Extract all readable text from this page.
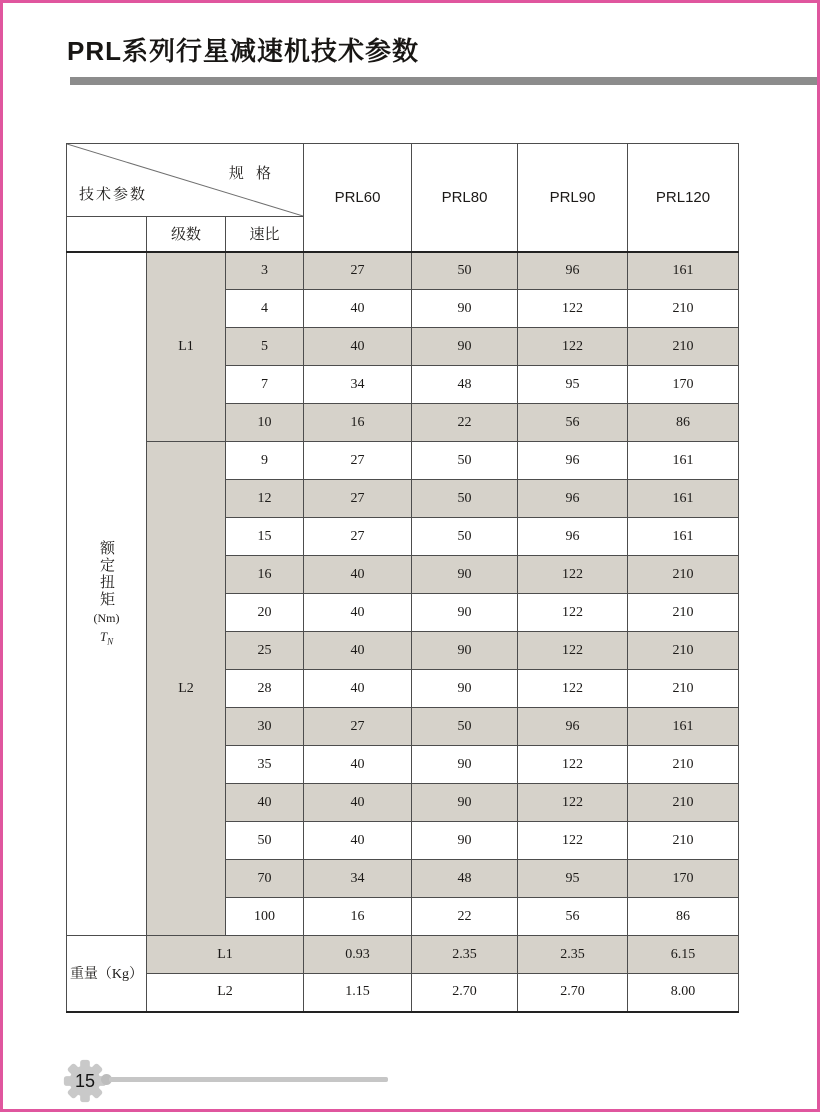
PRL系列行星减速机技术参数
规 格
技术参数			PRL60	PRL80	PRL90	PRL120
	级数	速比				

额定扭矩
(Nm)
$T_N$	L1	3	27	50	96	161
		4	40	90	122	210
		5	40	90	122	210
		7	34	48	95	170
		10	16	22	56	86
	L2	9	27	50	96	161
		12	27	50	96	161
		15	27	50	96	161
		16	40	90	122	210
		20	40	90	122	210
		25	40	90	122	210
		28	40	90	122	210
		30	27	50	96	161
		35	40	90	122	210
		40	40	90	122	210
		50	40	90	122	210
		70	34	48	95	170
		100	16	22	56	86
重量（Kg）	L1		0.93	2.35	2.35	6.15
	L2		1.15	2.70	2.70	8.00
15
